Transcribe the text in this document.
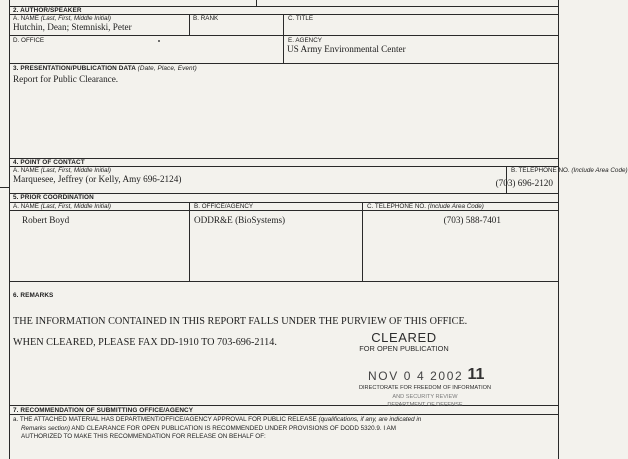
2. AUTHOR/SPEAKER
A. NAME (Last, First, Middle Initial)
Hutchin, Dean; Stemniski, Peter
B. RANK	C. TITLE
D. OFFICE	E. AGENCY
US Army Environmental Center
3. PRESENTATION/PUBLICATION DATA (Date, Place, Event)
Report for Public Clearance.
4. POINT OF CONTACT
A. NAME (Last, First, Middle Initial)
Marquesee, Jeffrey (or Kelly, Amy 696-2124)
B. TELEPHONE NO. (Include Area Code)
(703) 696-2120
5. PRIOR COORDINATION
A. NAME (Last, First, Middle Initial)	B. OFFICE/AGENCY	C. TELEPHONE NO. (Include Area Code)
Robert Boyd	ODDR&E (BioSystems)	(703) 588-7401
6. REMARKS
THE INFORMATION CONTAINED IN THIS REPORT FALLS UNDER THE PURVIEW OF THIS OFFICE.
WHEN CLEARED, PLEASE FAX DD-1910 TO 703-696-2114.	CLEARED
FOR OPEN PUBLICATION
NOV 0 4 2002 11
DIRECTORATE FOR FREEDOM OF INFORMATION
AND SECURITY REVIEW
DEPARTMENT OF DEFENSE
7. RECOMMENDATION OF SUBMITTING OFFICE/AGENCY
a. THE ATTACHED MATERIAL HAS DEPARTMENT/OFFICE/AGENCY APPROVAL FOR PUBLIC RELEASE (qualifications, if any, are indicated in
Remarks section) AND CLEARANCE FOR OPEN PUBLICATION IS RECOMMENDED UNDER PROVISIONS OF DODD 5320.9. I AM
AUTHORIZED TO MAKE THIS RECOMMENDATION FOR RELEASE ON BEHALF OF:
